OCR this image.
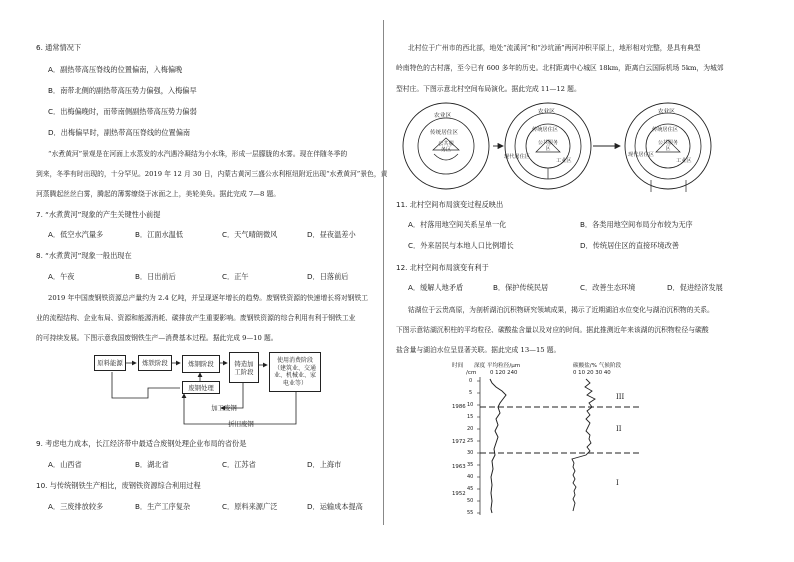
6. 通常情况下
A．副热带高压脊线的位置偏南，入梅偏晚
B．南带北侧的副热带高压势力偏强，入梅偏早
C．出梅偏晚时，而带南侧副热带高压势力偏弱
D．出梅偏早时，副热带高压脊线的位置偏南
“水煮黄河”景观是在河面上水蒸发的水汽遇冷凝结为小水珠，形成一层朦胧的水雾。现在伴随冬季的
到来，冬季有时出现的，十分罕见。2019 年 12 月 30 日，内蒙古黄河三盛公水利枢纽附近出现“水煮黄河”景色，黄
河蒸腾起丝丝白雾，腾起的薄雾缭绕于冰面之上，美轮美奂。据此完成 7—8 题。
7. “水煮黄河”现象的产生关键性小前提
A．低空水汽量多	B．江面水温低	C．天气晴朗微风	D．昼夜温差小
8. “水煮黄河”现象一般出现在
A．午夜	B．日出前后	C．正午	D．日落前后
2019 年中国废钢铁资源总产量约为 2.4 亿吨，并呈现逐年增长的趋势。废钢铁资源的快速增长将对钢铁工
业的流程结构、企业布局、资源和能源消耗、碳排放产生重要影响。废钢铁资源的综合利用有利于钢铁工业
的可持续发展。下图示意我国废钢铁生产—消费基本过程。据此完成 9—10 题。
原料能源	炼铁阶段	炼钢阶段	铸造加工阶段
使用消费阶段（建筑业、交通业、机械业、家电业等）
废钢处理
加工废钢
折旧废钢
9. 考虑电力成本，长江经济带中最适合废钢处理企业布局的省份是
A．山西省	B．湖北省	C．江苏省	D．上海市
10. 与传统钢铁生产相比，废钢铁资源综合利用过程
A．三废排放较多	B．生产工序复杂	C．原料来源广泛	D．运输成本提高
北村位于广州市的西北部，地处“流溪河”和“沙坑涌”两河冲积平原上，地形相对完整，是具有典型
岭南特色的古村落，至今已有 600 多年的历史。北村距离中心城区 18km，距离白云国际机场 5km，为城郊
型村庄。下图示意北村空间布局演化。据此完成 11—12 题。
农业区
传统居住区
公共服务区
农业区
传统居住区
现代居住区
工业区
公共服务区
农业区
传统居住区
现代居住区
工业区
公共服务区
11. 北村空间布局演变过程反映出
A．村落用地空间关系呈单一化	B．各类用地空间布局分布较为无序
C．外来居民与本地人口比例增长	D．传统居住区的直接环境改善
12. 北村空间布局演变有利于
A．缓解人地矛盾	B．保护传统民居	C．改善生态环境	D．促进经济发展
钴湖位于云贵高原，为剖析湖泊沉积物研究领域成果，揭示了近期湖泊水位变化与湖泊沉积物的关系。
下图示意钴湖沉积柱的平均粒径、碳酸盐含量以及对应的时间。据此推测近年来该湖的沉积物粒径与碳酸
盐含量与湖泊水位呈显著关联。据此完成 13—15 题。
时间 深度 平均粒径/μm
/cm	0 120 240
碳酸盐/% 气候阶段
0 10 20 30 40
1986
1972
1963
1952
0
5
10
15
20
25
30
35
40
45
50
55
III
II
I
